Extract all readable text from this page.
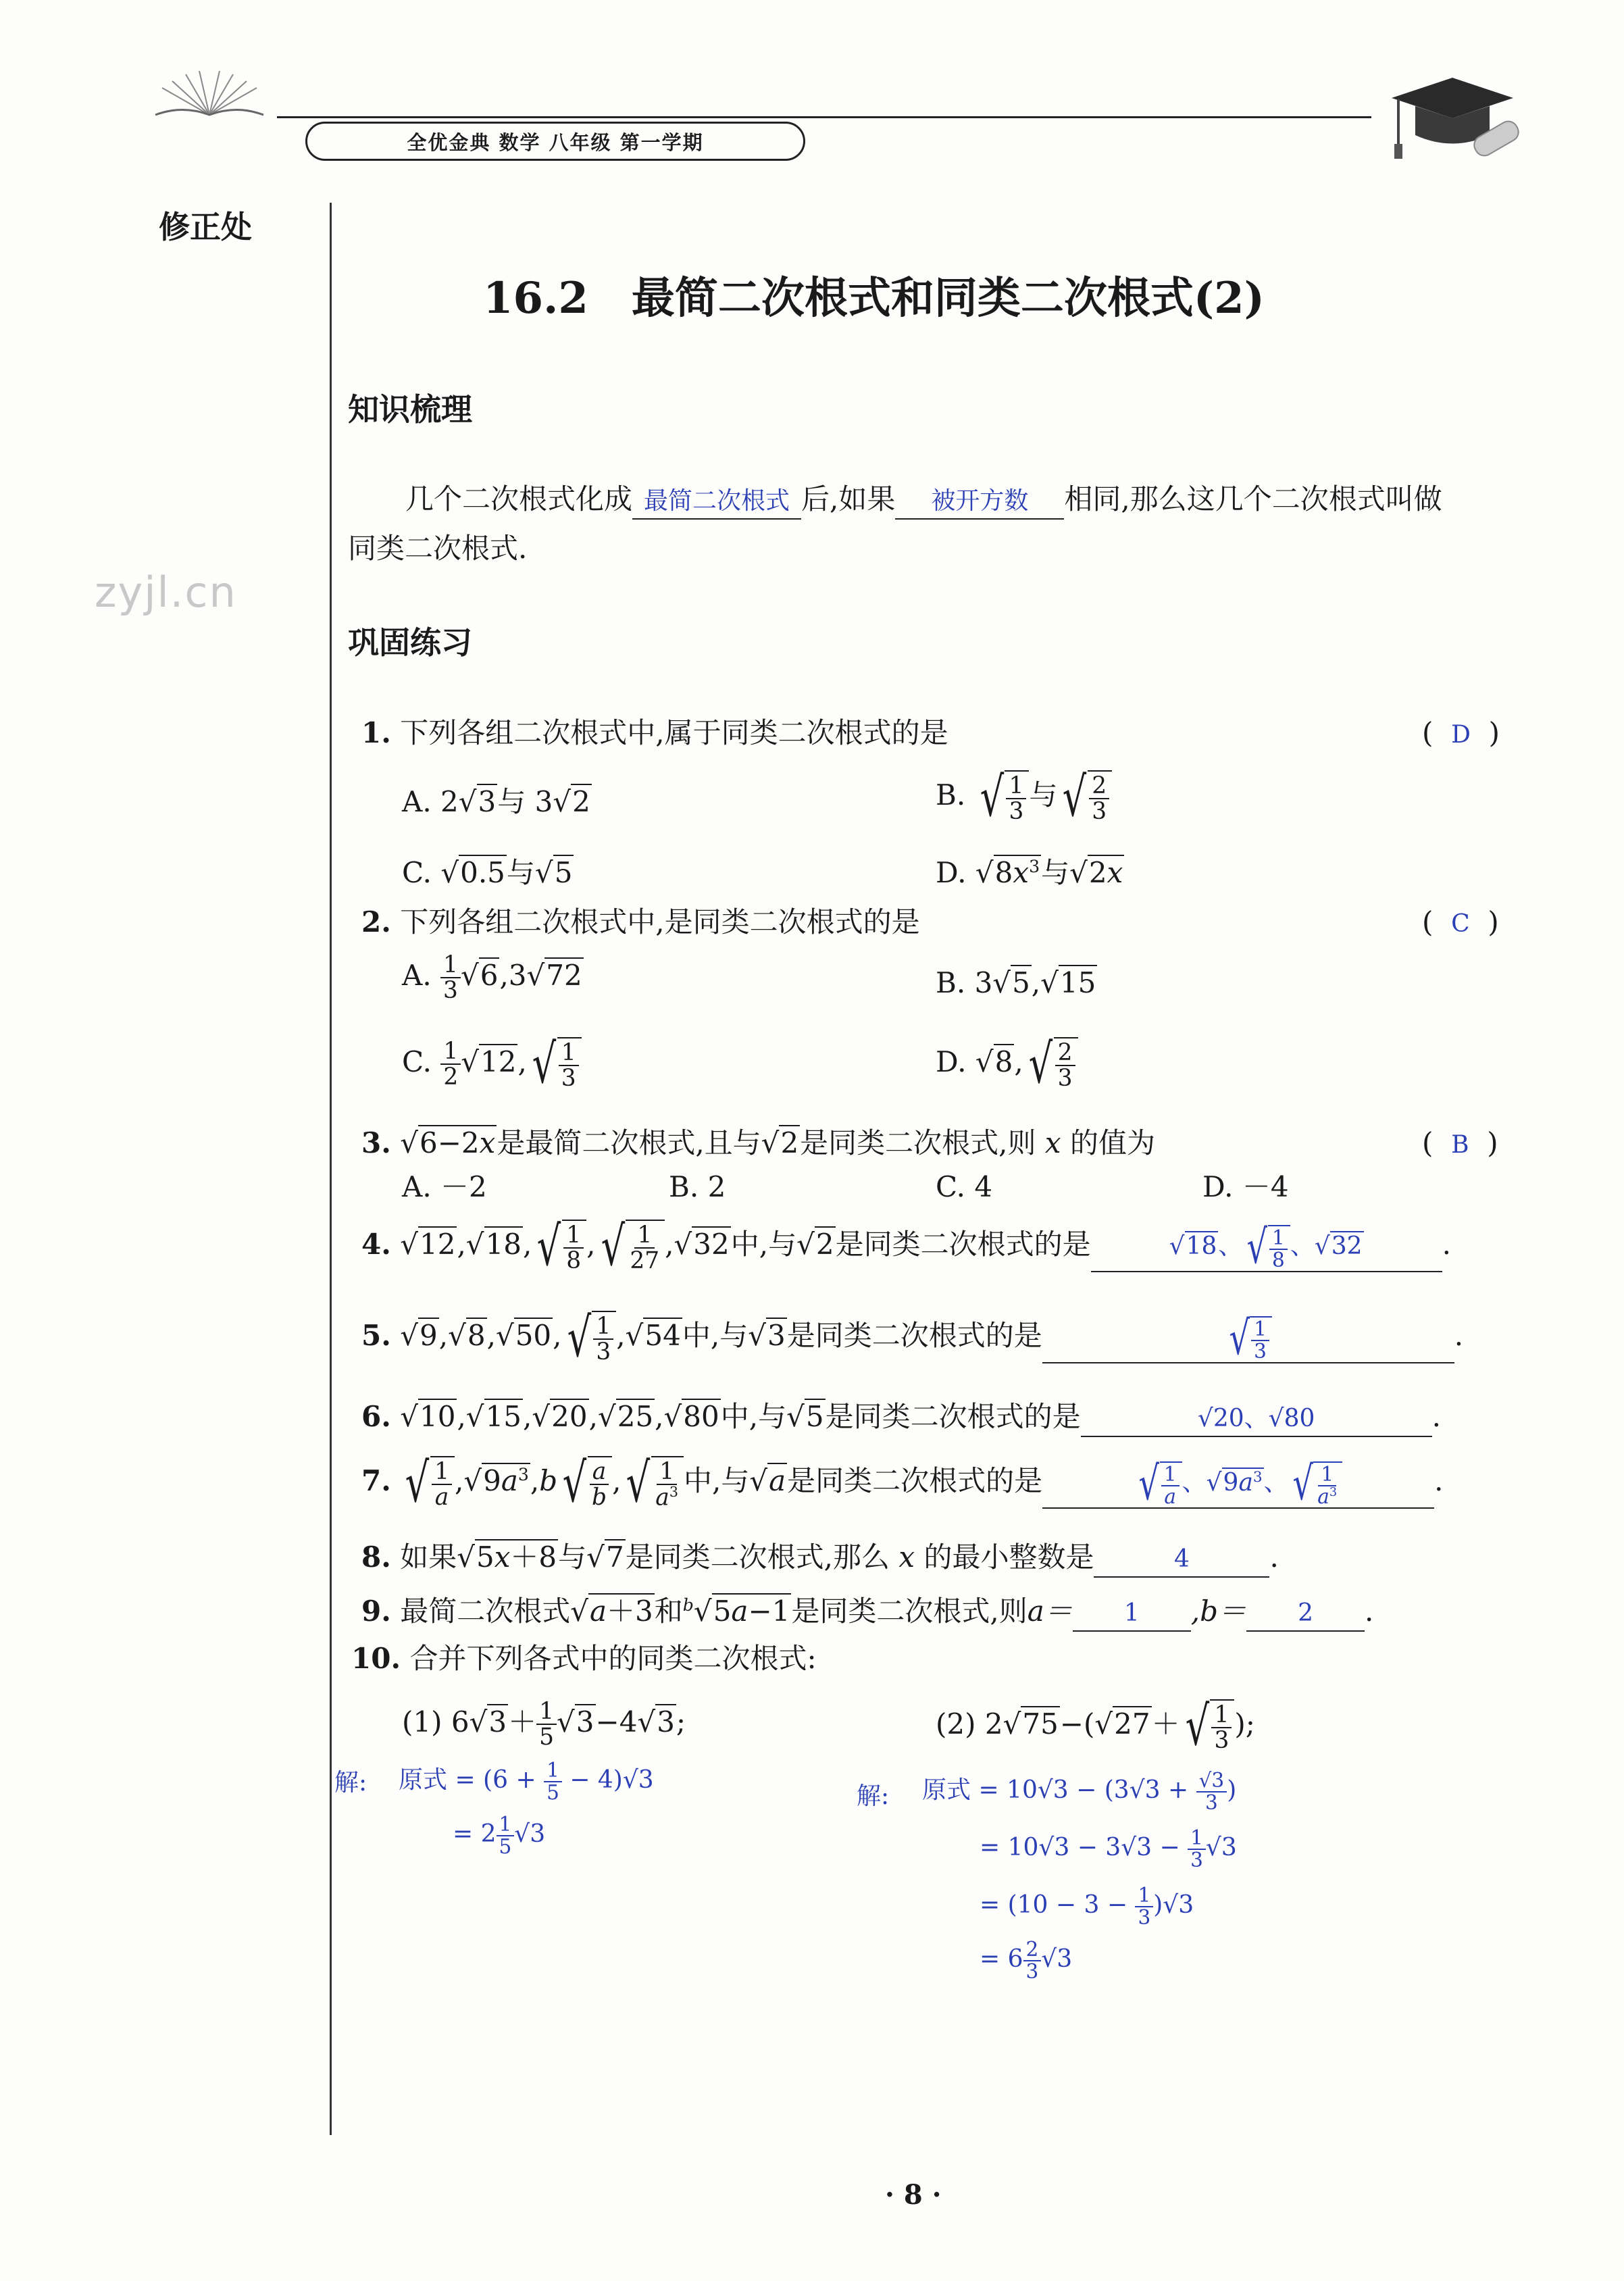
全优金典 数学 八年级 第一学期
修正处
zyjl.cn
16.2　最简二次根式和同类二次根式(2)
知识梳理
几个二次根式化成 最简二次根式 后,如果 被开方数 相同,那么这几个二次根式叫做
同类二次根式.
巩固练习
1. 下列各组二次根式中,属于同类二次根式的是	(  D  )
A. 2√3与 3√2	B. √ $\frac{1}{3}$ 与 √ $\frac{2}{3}$
C. √0.5与√5	D. $√8x^3$与√2x
2. 下列各组二次根式中,是同类二次根式的是	(  C  )
A. $\frac{1}{3} √6,3√72$	B. 3√5,√15
C. $\frac{1}{2} √12$, √ $\frac{1}{3}$	D. √8, √ $\frac{2}{3}$
3. √6−2x是最简二次根式,且与√2是同类二次根式,则 x 的值为	(  B  )
A. －2	B. 2	C. 4	D. －4
4. √12,√18, √ $\frac{1}{8}$ , √ $\frac{1}{27} ,√32$中,与√2是同类二次根式的是	√18、 √ $\frac{1}{8}$ 、√32	.
5. √9,√8,√50, √ $\frac{1}{3} ,√54$中,与√3是同类二次根式的是	√ $\frac{1}{3}$	.
6. √10,√15,√20,√25,√80中,与√5是同类二次根式的是	√20、√80	.
7. √ $\frac{1}{a} ,√9a^3,b$ √ $\frac{a}{b}$ , √ $\frac{1}{a^3}$ 中,与√a是同类二次根式的是 √ $\frac{1}{a}$ 、$√9a^3$、 √ $\frac{1}{a^3}$	.
8. 如果√5x＋8与√7是同类二次根式,那么 x 的最小整数是	4	.
9. 最简二次根式√a＋3和$^b$√5a−1是同类二次根式,则a＝ 1 ,b＝ 2 .
10. 合并下列各式中的同类二次根式:
(1) $6√3+ \frac{1}{5} √3-4√3$;	(2) 2√75−(√27＋ √ $\frac{1}{3}$ );
解: 原式 = $(6 + \frac{1}{5} - 4)√3$
= $2 \frac{1}{5} √3$
解: 原式 = $10√3 - (3√3 + \frac{√3}{3}$ )
= $10√3 - 3√3 - \frac{1}{3} √3$
= $(10 - 3 - \frac{1}{3} )√3$
= $6 \frac{2}{3} √3$
· 8 ·
